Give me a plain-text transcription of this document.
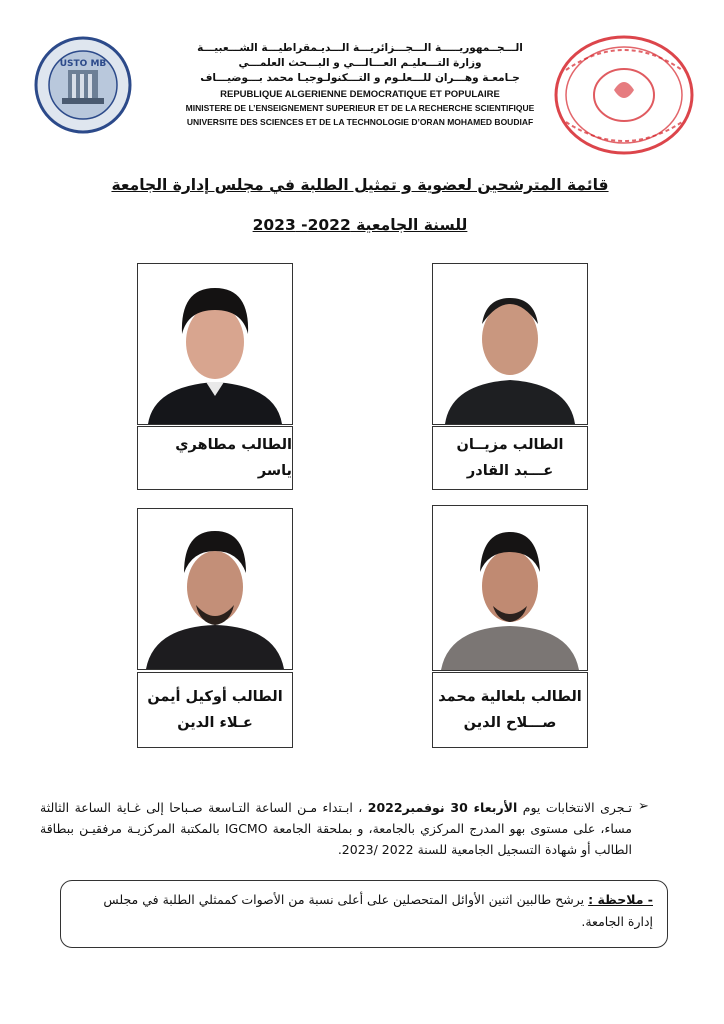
USTO MB
الـــجــمهوريـــــة الـــجـــزائريـــة الـــديـمقراطيـــة الشـــعبيـــة
وزارة التـــعليـم العـــالـــي و البـــحث العلمـــي
جـامعـة وهـــران للـــعلـوم و التـــكنولـوجيـا محمد بـــوضيـــاف
REPUBLIQUE ALGERIENNE DEMOCRATIQUE ET POPULAIRE
MINISTERE DE L’ENSEIGNEMENT SUPERIEUR ET DE LA RECHERCHE SCIENTIFIQUE
UNIVERSITE DES SCIENCES ET DE LA TECHNOLOGIE D’ORAN MOHAMED BOUDIAF
قائمة المترشحين لعضوية و تمثيل الطلبة في مجلس إدارة الجامعة
للسنة الجامعية 2022- 2023
الطالب مزيــان
عـــبد القادر
الطالب مطاهري ياسر
الطالب بلعالية محمد
صـــلاح الدين
الطالب أوكيل أيمن
عـلاء الدين
➢
تـجرى الانتخابات يوم الأربعاء 30 نوفمبر2022 ، ابـتداء مـن الساعة التـاسعة صـباحا إلى غـاية الساعة الثالثة مساء، على مستوى بهو المدرج المركزي بالجامعة، و بملحقة الجامعة IGCMO بالمكتبة المركزيـة مرفقيـن ببطاقة الطالب أو شهادة التسجيل الجامعية للسنة 2022 /2023.
- ملاحظة : يرشح طالبين اثنين الأوائل المتحصلين على أعلى نسبة من الأصوات كممثلي الطلبة في مجلس إدارة الجامعة.
